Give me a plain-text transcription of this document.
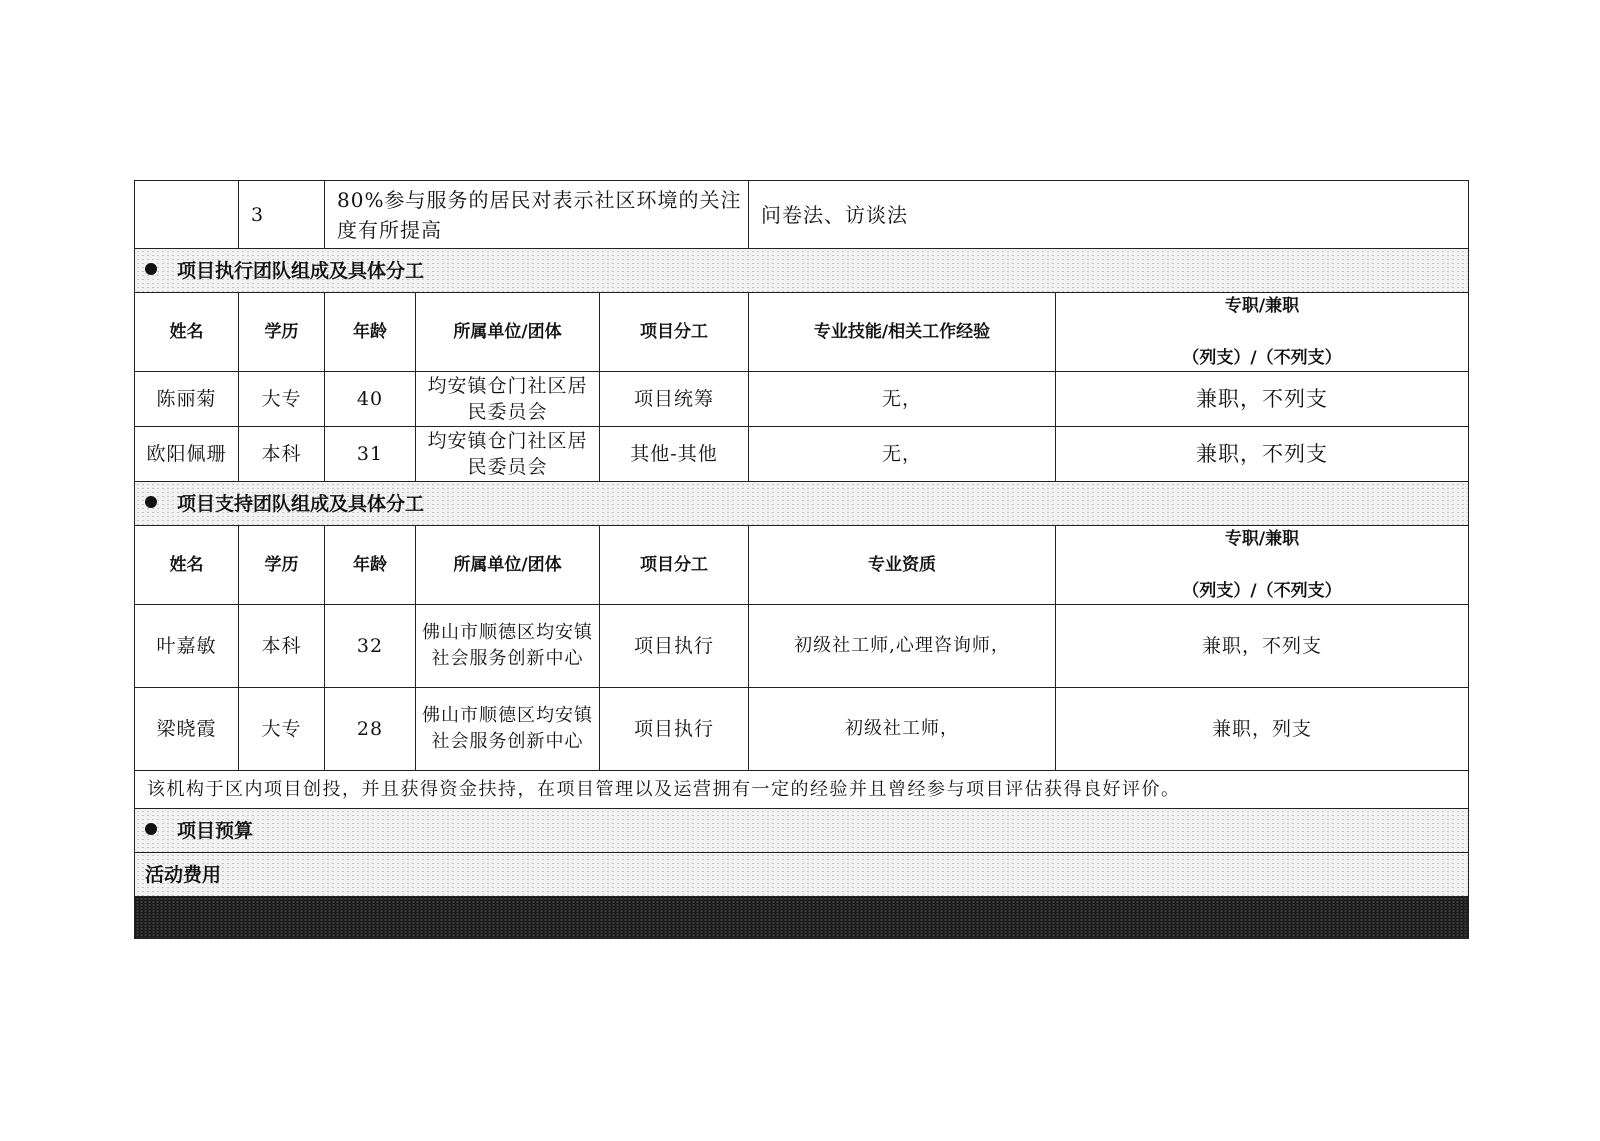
	3	80%参与服务的居民对表示社区环境的关注度有所提高			问卷法、访谈法	
项目执行团队组成及具体分工						
姓名	学历	年龄	所属单位/团体	项目分工	专业技能/相关工作经验	专职/兼职
（列支）/（不列支）

陈丽菊	大专	40	均安镇仓门社区居民委员会	项目统筹	无，	兼职，不列支
欧阳佩珊	本科	31	均安镇仓门社区居民委员会	其他-其他	无，	兼职，不列支
项目支持团队组成及具体分工						
姓名	学历	年龄	所属单位/团体	项目分工	专业资质	专职/兼职
（列支）/（不列支）

叶嘉敏	本科	32	佛山市顺德区均安镇社会服务创新中心	项目执行	初级社工师,心理咨询师，	兼职，不列支
梁晓霞	大专	28	佛山市顺德区均安镇社会服务创新中心	项目执行	初级社工师，	兼职，列支
该机构于区内项目创投，并且获得资金扶持，在项目管理以及运营拥有一定的经验并且曾经参与项目评估获得良好评价。						
项目预算						
活动费用						
